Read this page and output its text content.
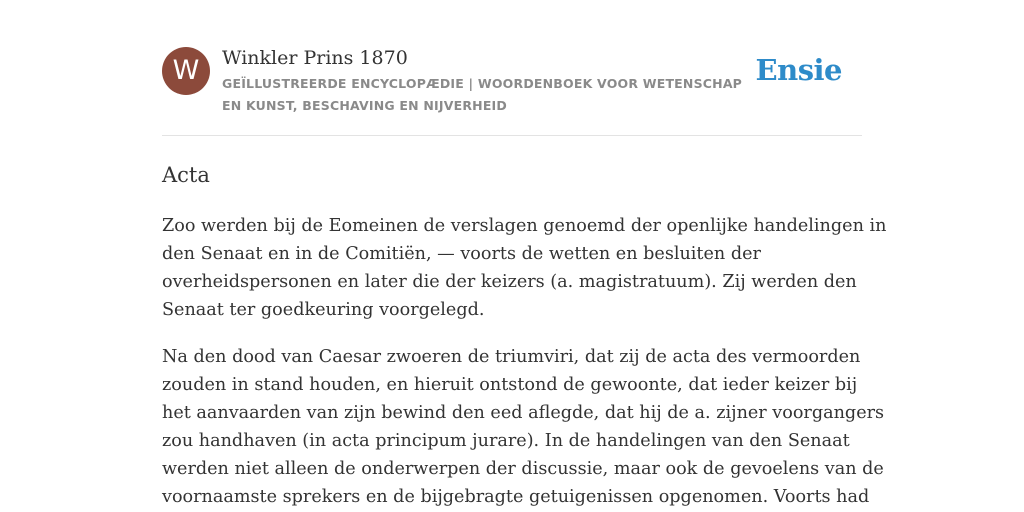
W	Winkler Prins 1870
GEÏLLUSTREERDE ENCYCLOPÆDIE | WOORDENBOEK VOOR WETENSCHAP EN KUNST, BESCHAVING EN NIJVERHEID
Ensie
Acta

Zoo werden bij de Eomeinen de verslagen genoemd der openlijke handelingen in
den Senaat en in de Comitiën, — voorts de wetten en besluiten der
overheidspersonen en later die der keizers (a. magistratuum). Zij werden den
Senaat ter goedkeuring voorgelegd.

Na den dood van Caesar zwoeren de triumviri, dat zij de acta des vermoorden
zouden in stand houden, en hieruit ontstond de gewoonte, dat ieder keizer bij
het aanvaarden van zijn bewind den eed aflegde, dat hij de a. zijner voorgangers
zou handhaven (in acta principum jurare). In de handelingen van den Senaat
werden niet alleen de onderwerpen der discussie, maar ook de gevoelens van de
voornaamste sprekers en de bijgebragte getuigenissen opgenomen. Voorts had
